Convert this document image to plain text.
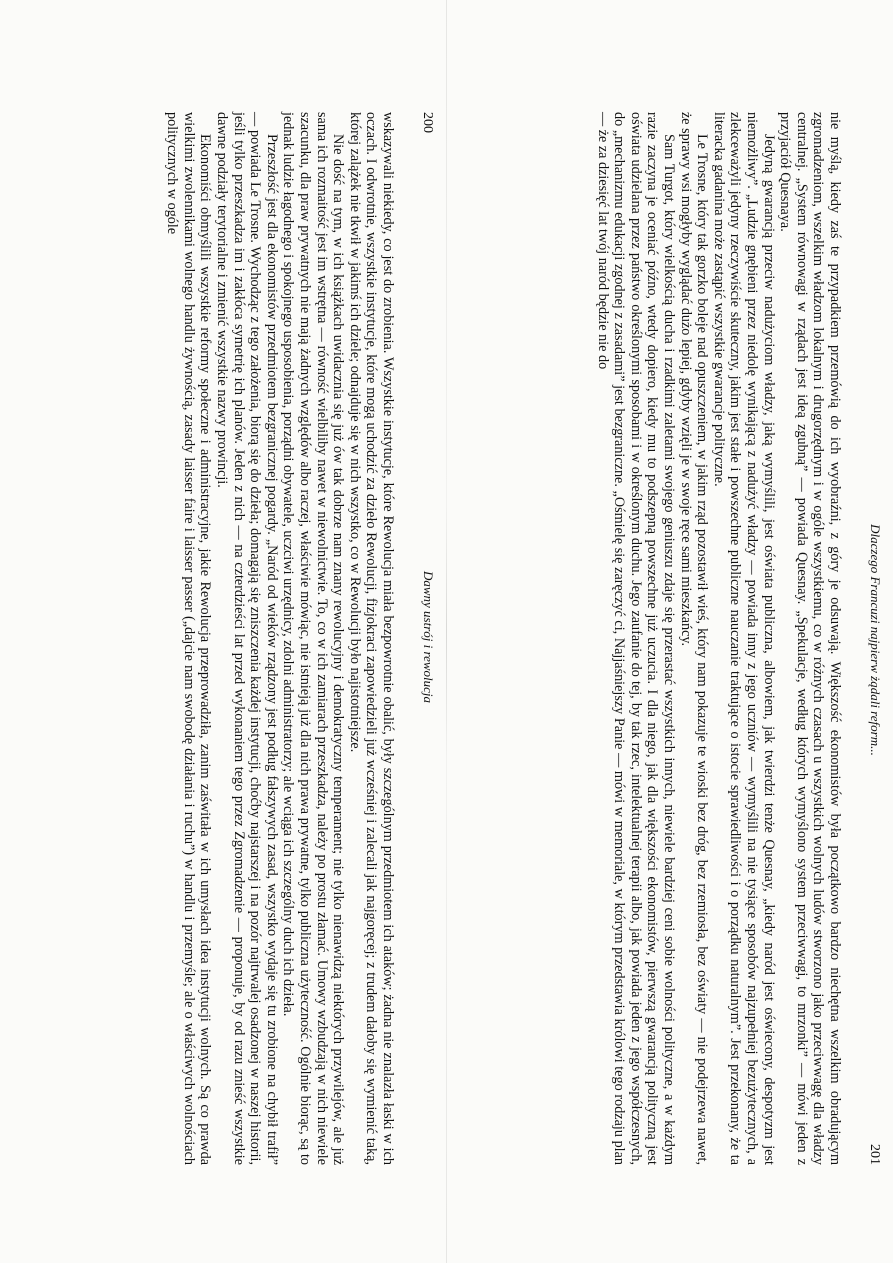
200
Dawny ustrój i rewolucja

wskazywali niekiedy, co jest do zrobienia. Wszystkie instytucje, które Rewolucja miała bezpowrotnie obalić, były szczególnym przedmiotem ich ataków; żadna nie znalazła łaski w ich oczach. I odwrotnie, wszystkie instytucje, które mogą uchodzić za dzieło Rewolucji, fizjokraci zapowiedzieli już wcześniej i zalecali jak najgoręcej; z trudem dałoby się wymienić taką, której zalążek nie tkwił w jakimś ich dziele; odnajduje się w nich wszystko, co w Rewolucji było najistotniejsze.

Nie dość na tym, w ich książkach uwidacznia się już ów tak dobrze nam znany rewolucyjny i demokratyczny temperament; nie tylko nienawidzą niektórych przywilejów, ale już sama ich rozmaitość jest im wstrętna — równość wielbiliby nawet w niewolnictwie. To, co w ich zamiarach przeszkadza, należy po prostu złamać. Umowy wzbudzają w nich niewiele szacunku, dla praw prywatnych nie mają żadnych względów albo raczej, właściwie mówiąc, nie istnieją już dla nich prawa prywatne, tylko publiczna użyteczność. Ogólnie biorąc, są to jednak ludzie łagodnego i spokojnego usposobienia, porządni obywatele, uczciwi urzędnicy, zdolni administratorzy; ale wciąga ich szczególny duch ich dzieła.

Przeszłość jest dla ekonomistów przedmiotem bezgranicznej pogardy. „Naród od wieków rządzony jest podług fałszywych zasad, wszystko wydaje się tu zrobione na chybił trafił” — powiada Le Trosne. Wychodząc z tego założenia, biorą się do dzieła; domagają się zniszczenia każdej instytucji, choćby najstarszej i na pozór najtrwalej osadzonej w naszej historii, jeśli tylko przeszkadza im i zakłóca symetrię ich planów. Jeden z nich — na czterdzieści lat przed wykonaniem tego przez Zgromadzenie — proponuje, by od razu znieść wszystkie dawne podziały terytorialne i zmienić wszystkie nazwy prowincji.

Ekonomiści obmyślili wszystkie reformy społeczne i administracyjne, jakie Rewolucja przeprowadziła, zanim zaświtała w ich umysłach idea instytucji wolnych. Są co prawda wielkimi zwolennikami wolnego handlu żywnością, zasady laisser faire i laisser passer („dajcie nam swobodę działania i ruchu”) w handlu i przemyśle; ale o właściwych wolnościach politycznych w ogóle

Dlaczego Francuzi najpierw żądali reform...
201

nie myślą, kiedy zaś te przypadkiem przemówią do ich wyobraźni, z góry je odsuwają. Większość ekonomistów była początkowo bardzo niechętna wszelkim obradującym zgromadzeniom, wszelkim władzom lokalnym i drugorzędnym i w ogóle wszystkiemu, co w różnych czasach u wszystkich wolnych ludów stworzono jako przeciwwagę dla władzy centralnej. „System równowagi w rządach jest ideą zgubną” — powiada Quesnay. „Spekulacje, według których wymyślono system przeciwwagi, to mrzonki” — mówi jeden z przyjaciół Quesnaya.

Jedyną gwarancją przeciw nadużyciom władzy, jaką wymyślili, jest oświata publiczna, albowiem, jak twierdzi tenże Quesnay, „kiedy naród jest oświecony, despotyzm jest niemożliwy”. „Ludzie gnębieni przez niedolę wynikającą z nadużyć władzy — powiada inny z jego uczniów — wymyślili na nie tysiące sposobów najzupełniej bezużytecznych, a zlekceważyli jedyny rzeczywiście skuteczny, jakim jest stałe i powszechne publiczne nauczanie traktujące o istocie sprawiedliwości i o porządku naturalnym”. Jest przekonany, że ta literacka gadanina może zastąpić wszystkie gwarancje polityczne.

Le Trosne, który tak gorzko boleje nad opuszczeniem, w jakim rząd pozostawił wieś, który nam pokazuje te wioski bez dróg, bez rzemiosła, bez oświaty — nie podejrzewa nawet, że sprawy wsi mogłyby wyglądać dużo lepiej, gdyby wzięli je w swoje ręce sami mieszkańcy.

Sam Turgot, który wielkością ducha i rzadkimi zaletami swojego geniuszu zdaje się przerastać wszystkich innych, niewiele bardziej ceni sobie wolności polityczne, a w każdym razie zaczyna je oceniać późno, wtedy dopiero, kiedy mu to podszepną powszechne już uczucia. I dla niego, jak dla większości ekonomistów, pierwszą gwarancją polityczną jest oświata udzielana przez państwo określonymi sposobami i w określonym duchu. Jego zaufanie do tej, by tak rzec, intelektualnej terapii albo, jak powiada jeden z jego współczesnych, do „mechanizmu edukacji zgodnej z zasadami” jest bezgraniczne. „Ośmielę się zaręczyć ci, Najjaśniejszy Panie — mówi w memoriale, w którym przedstawia królowi tego rodzaju plan — że za dziesięć lat twój naród będzie nie do
